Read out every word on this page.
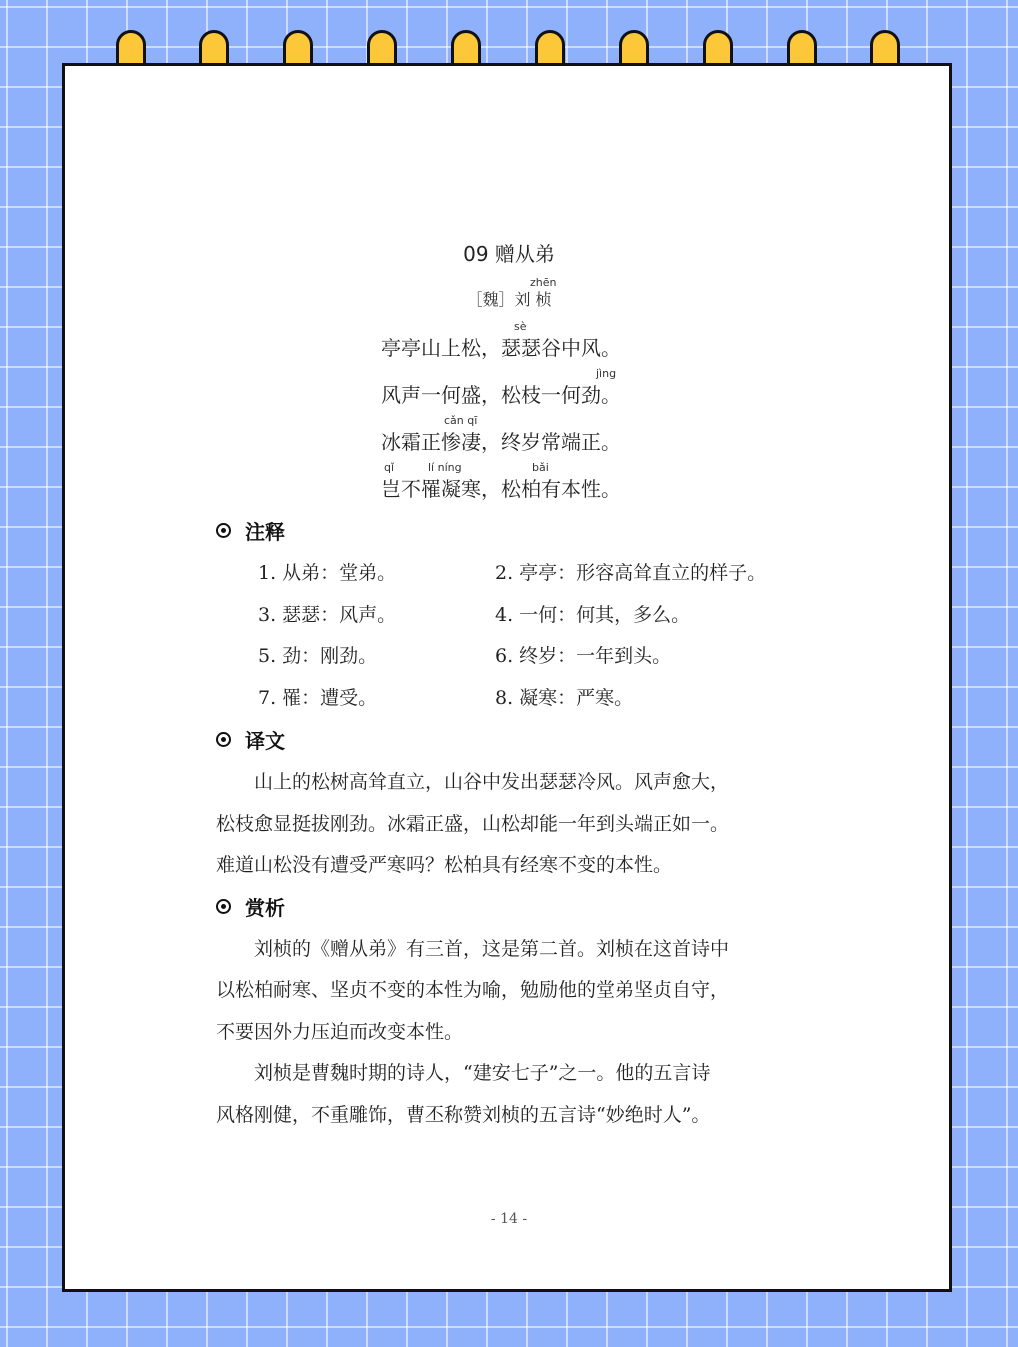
09 赠从弟
zhēn
［魏］刘 桢
sè
亭亭山上松，瑟瑟谷中风。
jìng
风声一何盛，松枝一何劲。
cǎn qī
冰霜正惨凄，终岁常端正。
qǐ	lí níng	bǎi
岂不罹凝寒，松柏有本性。
注释
1. 从弟：堂弟。	2. 亭亭：形容高耸直立的样子。
3. 瑟瑟：风声。	4. 一何：何其，多么。
5. 劲：刚劲。	6. 终岁：一年到头。
7. 罹：遭受。	8. 凝寒：严寒。
译文
　　山上的松树高耸直立，山谷中发出瑟瑟冷风。风声愈大，
松枝愈显挺拔刚劲。冰霜正盛，山松却能一年到头端正如一。
难道山松没有遭受严寒吗？松柏具有经寒不变的本性。
赏析
　　刘桢的《赠从弟》有三首，这是第二首。刘桢在这首诗中
以松柏耐寒、坚贞不变的本性为喻，勉励他的堂弟坚贞自守，
不要因外力压迫而改变本性。
　　刘桢是曹魏时期的诗人，“建安七子”之一。他的五言诗
风格刚健，不重雕饰，曹丕称赞刘桢的五言诗“妙绝时人”。
- 14 -
